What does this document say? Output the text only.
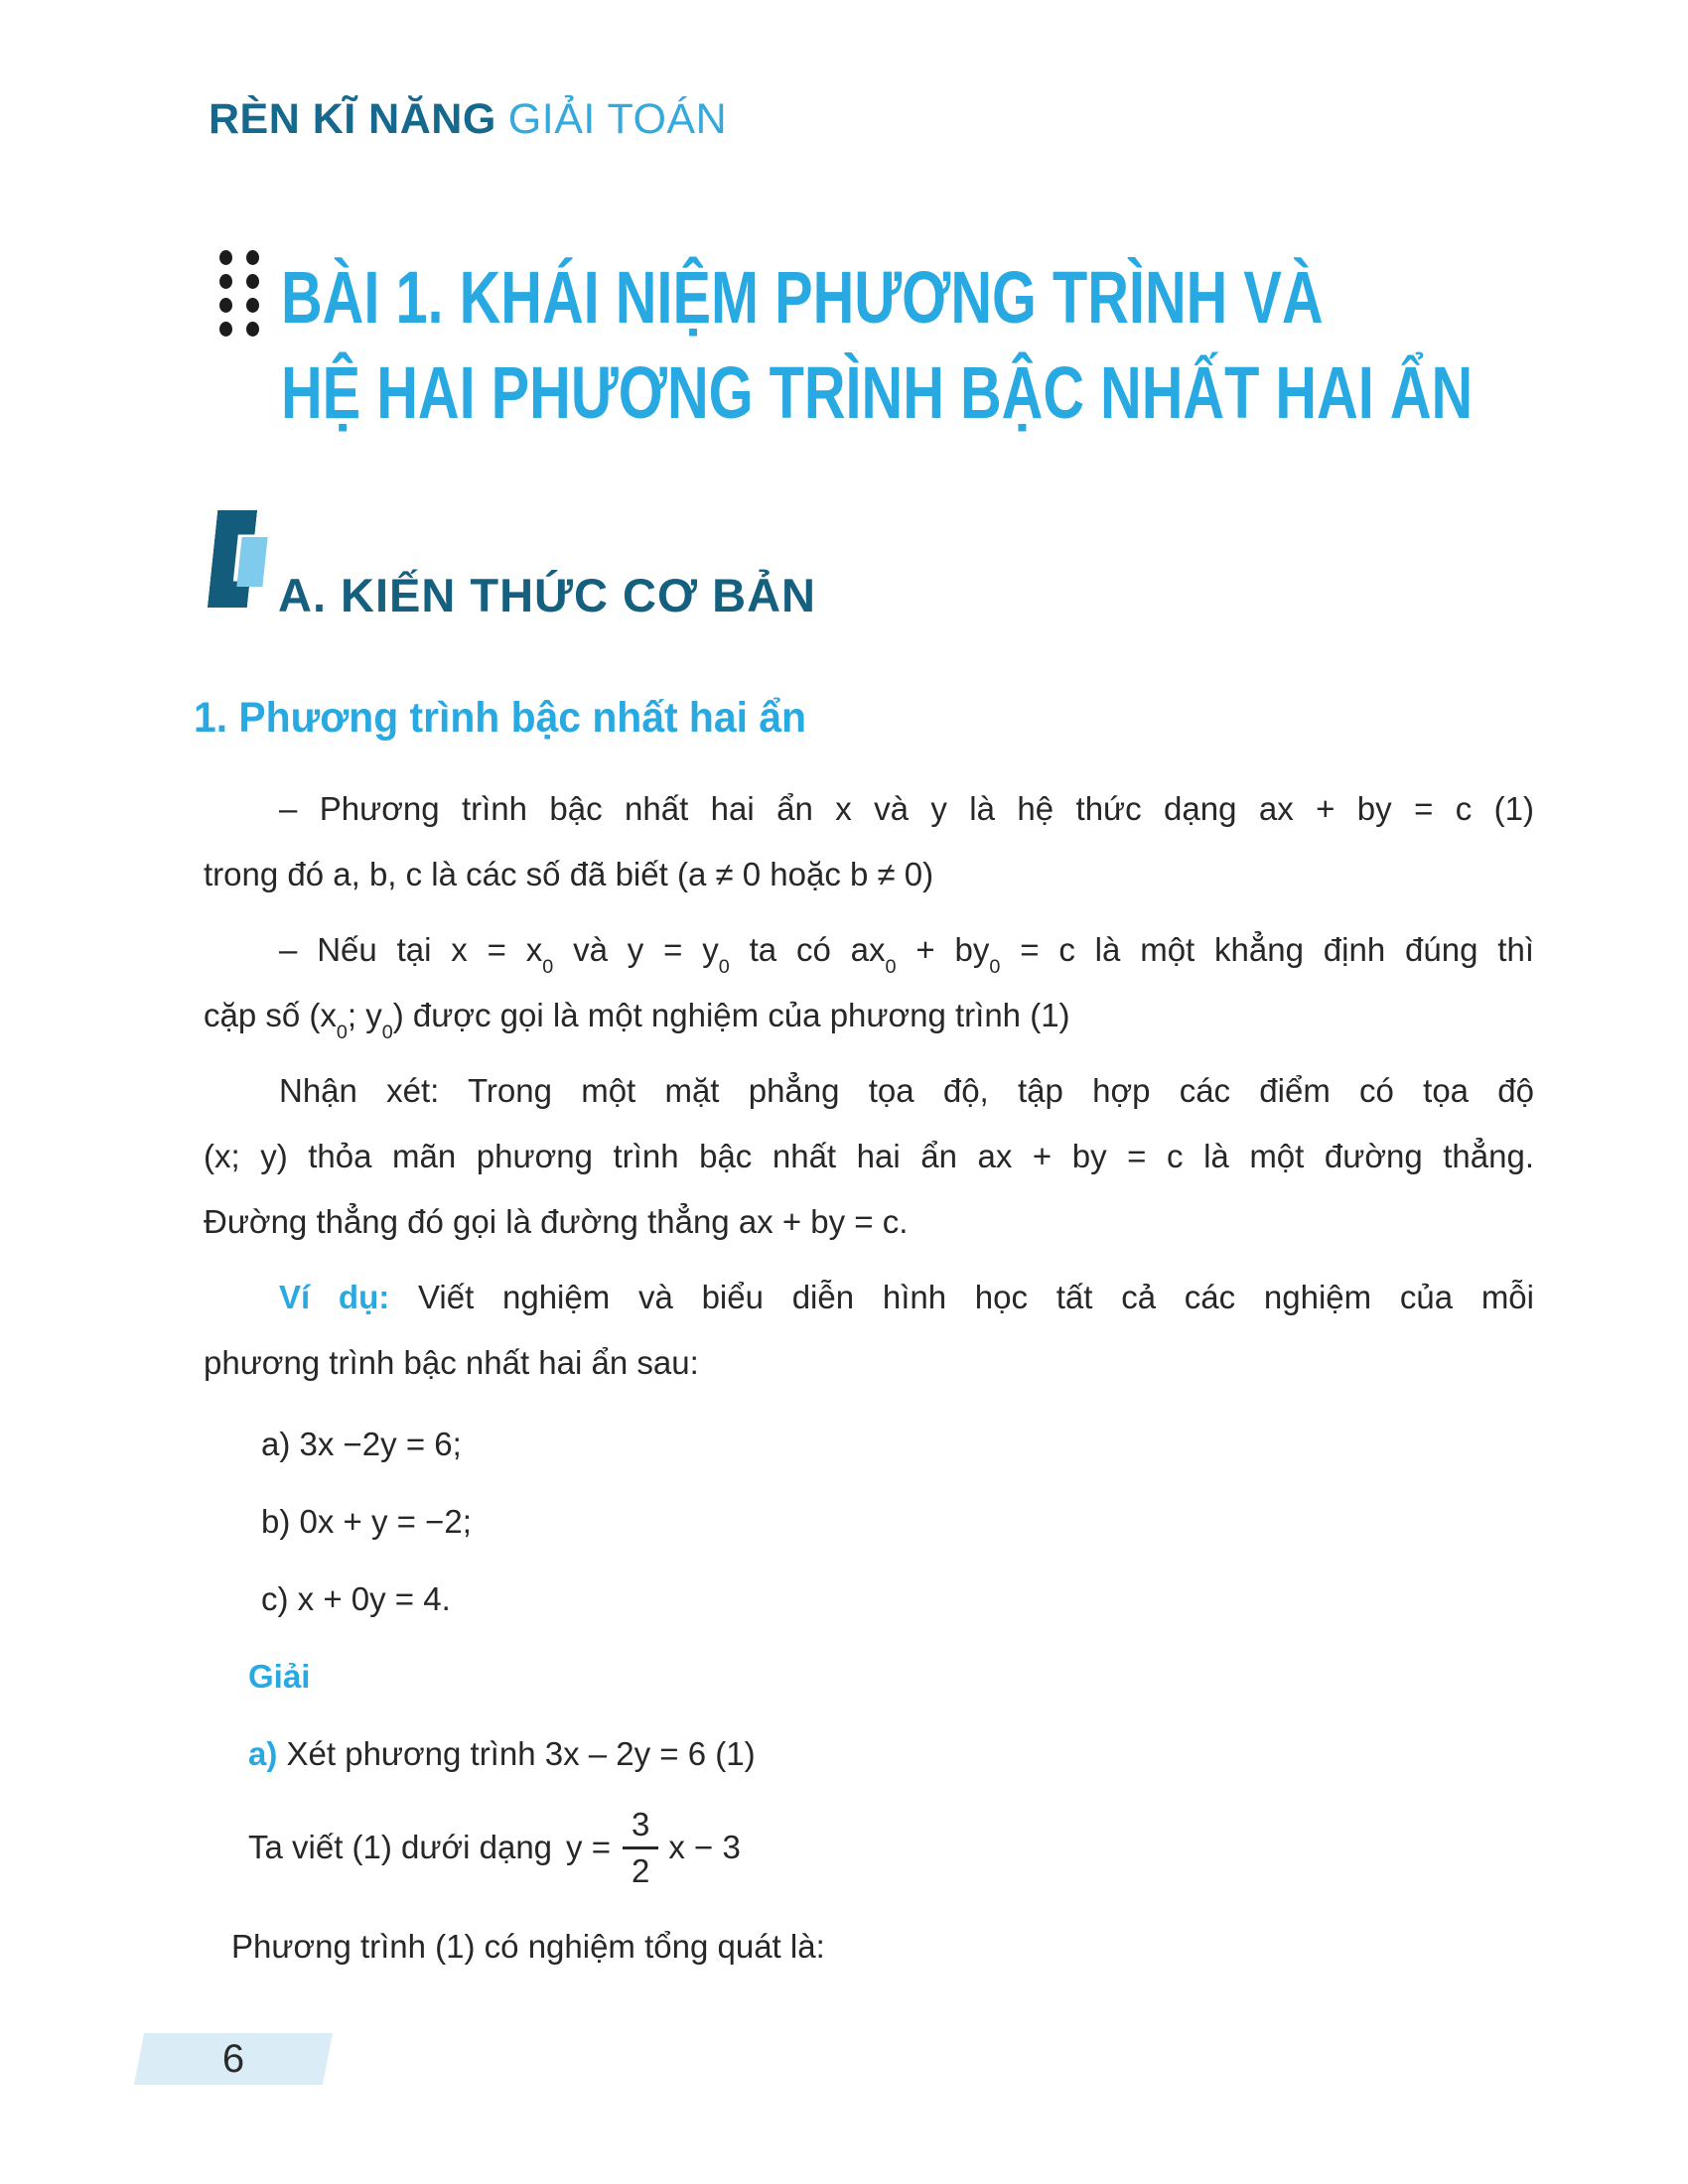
RÈN KĨ NĂNG GIẢI TOÁN
BÀI 1. KHÁI NIỆM PHƯƠNG TRÌNH VÀ
HỆ HAI PHƯƠNG TRÌNH BẬC NHẤT HAI ẨN
A. KIẾN THỨC CƠ BẢN
1. Phương trình bậc nhất hai ẩn
– Phương trình bậc nhất hai ẩn x và y là hệ thức dạng ax + by = c (1)
trong đó a, b, c là các số đã biết (a ≠ 0 hoặc b ≠ 0)
– Nếu tại $x = x_0$ và $y = y_0$ ta có $ax_0 + by_0 = c$ là một khẳng định đúng thì
cặp số ($x_0$; $y_0$) được gọi là một nghiệm của phương trình (1)
Nhận xét: Trong một mặt phẳng tọa độ, tập hợp các điểm có tọa độ
(x; y) thỏa mãn phương trình bậc nhất hai ẩn ax + by = c là một đường thẳng.
Đường thẳng đó gọi là đường thẳng ax + by = c.
Ví dụ: Viết nghiệm và biểu diễn hình học tất cả các nghiệm của mỗi
phương trình bậc nhất hai ẩn sau:
a) 3x −2y = 6;
b) 0x + y = −2;
c) x + 0y = 4.
Giải
a) Xét phương trình 3x – 2y = 6 (1)
Ta viết (1) dưới dạng $y = \frac{3}{2}$ x − 3
Phương trình (1) có nghiệm tổng quát là:
6
